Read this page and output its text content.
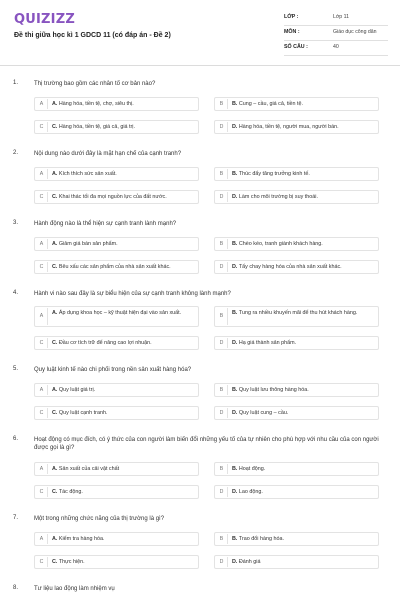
QUIZIZZ
Đề thi giữa học kì 1 GDCD 11 (có đáp án - Đề 2)
LỚP :	Lớp 11
MÔN :	Giáo dục công dân
SỐ CÂU :	40
1.	Thị trường bao gồm các nhân tố cơ bản nào?
A	A. Hàng hóa, tiền tệ, chợ, siêu thị.	B	B. Cung – cầu, giá cả, tiền tệ.
C	C. Hàng hóa, tiền tệ, giá cả, giá trị.	D	D. Hàng hóa, tiền tệ, người mua, người bán.
2.	Nội dung nào dưới đây là mặt hạn chế của cạnh tranh?
A	A. Kích thích sức sản xuất.	B	B. Thúc đẩy tăng trưởng kinh tế.
C	C. Khai thác tối đa mọi nguồn lực của đất nước.	D	D. Làm cho môi trường bị suy thoái.
3.	Hành động nào là thể hiện sự cạnh tranh lành mạnh?
A	A. Giảm giá bán sản phẩm.	B	B. Chèo kéo, tranh giành khách hàng.
C	C. Bêu xấu các sản phẩm của nhà sản xuất khác.	D	D. Tẩy chay hàng hóa của nhà sản xuất khác.
4.	Hành vi nào sau đây là sự biểu hiện của sự cạnh tranh không lành mạnh?
A	A. Áp dụng khoa học – kỹ thuật hiện đại vào sản xuất.	B	B. Tung ra nhiều khuyến mãi để thu hút khách hàng.
C	C. Đầu cơ tích trữ để nâng cao lợi nhuận.	D	D. Hạ giá thành sản phẩm.
5.	Quy luật kinh tế nào chi phối trong nền sản xuất hàng hóa?
A	A. Quy luật giá trị.	B	B. Quy luật lưu thông hàng hóa.
C	C. Quy luật cạnh tranh.	D	D. Quy luật cung – cầu.
6.	Hoạt động có mục đích, có ý thức của con người làm biến đổi những yếu tố của tự nhiên cho phù hợp với nhu cầu của con người được gọi là gì?
A	A. Sản xuất của cải vật chất	B	B. Hoạt động.
C	C. Tác động.	D	D. Lao động.
7.	Một trong những chức năng của thị trường là gì?
A	A. Kiểm tra hàng hóa.	B	B. Trao đổi hàng hóa.
C	C. Thực hiện.	D	D. Đánh giá
8.	Tư liệu lao động làm nhiệm vụ
